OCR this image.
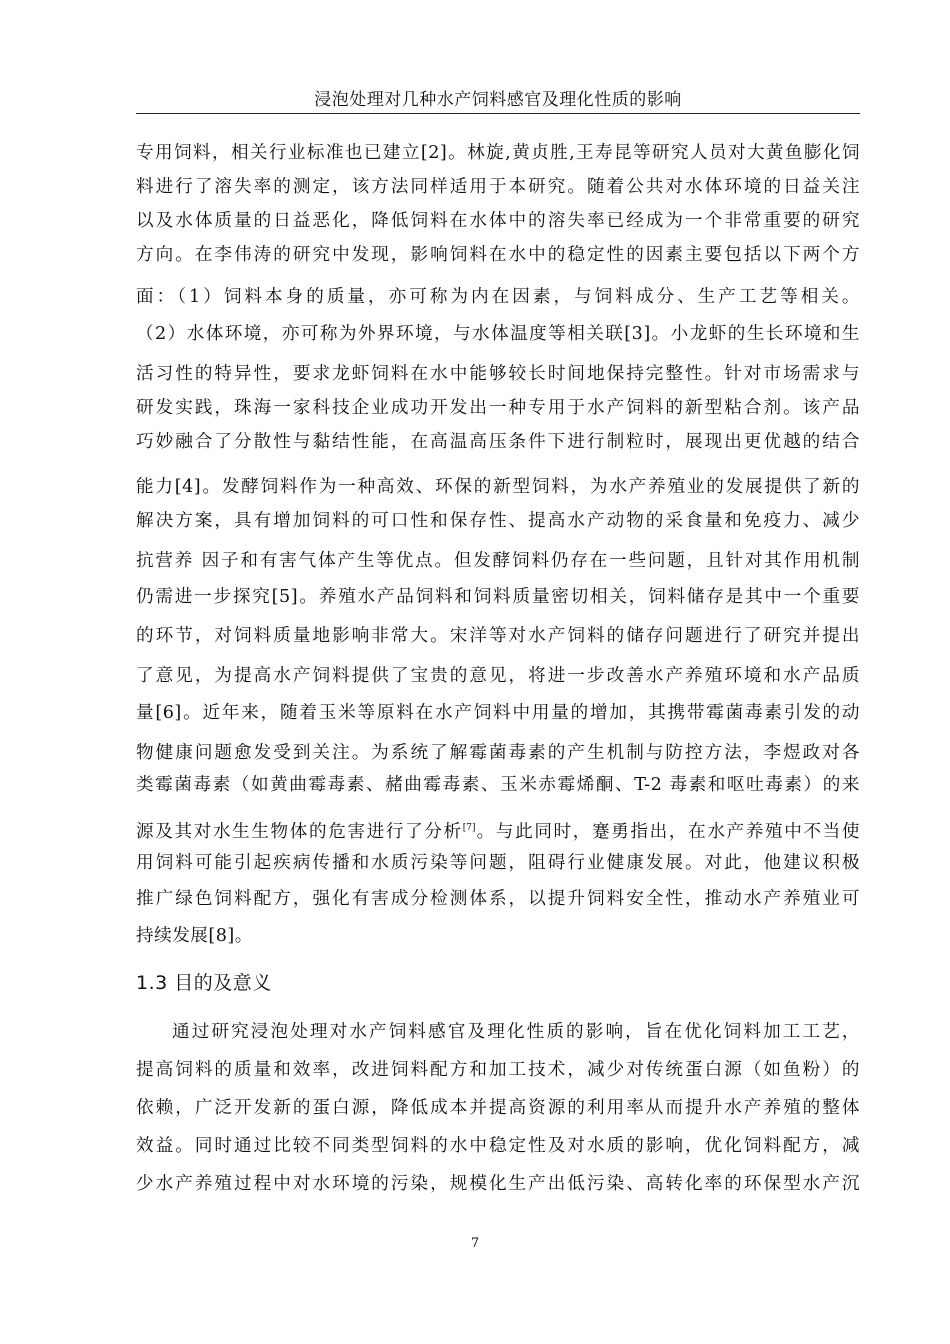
浸泡处理对几种水产饲料感官及理化性质的影响
专用饲料，相关行业标准也已建立[2]。林旋,黄贞胜,王寿昆等研究人员对大黄鱼膨化饲
料进行了溶失率的测定，该方法同样适用于本研究。随着公共对水体环境的日益关注
以及水体质量的日益恶化，降低饲料在水体中的溶失率已经成为一个非常重要的研究
方向。在李伟涛的研究中发现，影响饲料在水中的稳定性的因素主要包括以下两个方
面：（1）饲料本身的质量，亦可称为内在因素，与饲料成分、生产工艺等相关。
（2）水体环境，亦可称为外界环境，与水体温度等相关联[3]。小龙虾的生长环境和生
活习性的特异性，要求龙虾饲料在水中能够较长时间地保持完整性。针对市场需求与
研发实践，珠海一家科技企业成功开发出一种专用于水产饲料的新型粘合剂。该产品
巧妙融合了分散性与黏结性能，在高温高压条件下进行制粒时，展现出更优越的结合
能力[4]。发酵饲料作为一种高效、环保的新型饲料，为水产养殖业的发展提供了新的
解决方案，具有增加饲料的可口性和保存性、提高水产动物的采食量和免疫力、减少
抗营养 因子和有害气体产生等优点。但发酵饲料仍存在一些问题，且针对其作用机制
仍需进一步探究[5]。养殖水产品饲料和饲料质量密切相关，饲料储存是其中一个重要
的环节，对饲料质量地影响非常大。宋洋等对水产饲料的储存问题进行了研究并提出
了意见，为提高水产饲料提供了宝贵的意见，将进一步改善水产养殖环境和水产品质
量[6]。近年来，随着玉米等原料在水产饲料中用量的增加，其携带霉菌毒素引发的动
物健康问题愈发受到关注。为系统了解霉菌毒素的产生机制与防控方法，李煜政对各
类霉菌毒素（如黄曲霉毒素、赭曲霉毒素、玉米赤霉烯酮、T-2 毒素和呕吐毒素）的来
源及其对水生生物体的危害进行了分析[7]。与此同时，蹇勇指出，在水产养殖中不当使
用饲料可能引起疾病传播和水质污染等问题，阻碍行业健康发展。对此，他建议积极
推广绿色饲料配方，强化有害成分检测体系，以提升饲料安全性，推动水产养殖业可
持续发展[8]。
1.3 目的及意义
通过研究浸泡处理对水产饲料感官及理化性质的影响，旨在优化饲料加工工艺，
提高饲料的质量和效率，改进饲料配方和加工技术，减少对传统蛋白源（如鱼粉）的
依赖，广泛开发新的蛋白源，降低成本并提高资源的利用率从而提升水产养殖的整体
效益。同时通过比较不同类型饲料的水中稳定性及对水质的影响，优化饲料配方，减
少水产养殖过程中对水环境的污染，规模化生产出低污染、高转化率的环保型水产沉
7
